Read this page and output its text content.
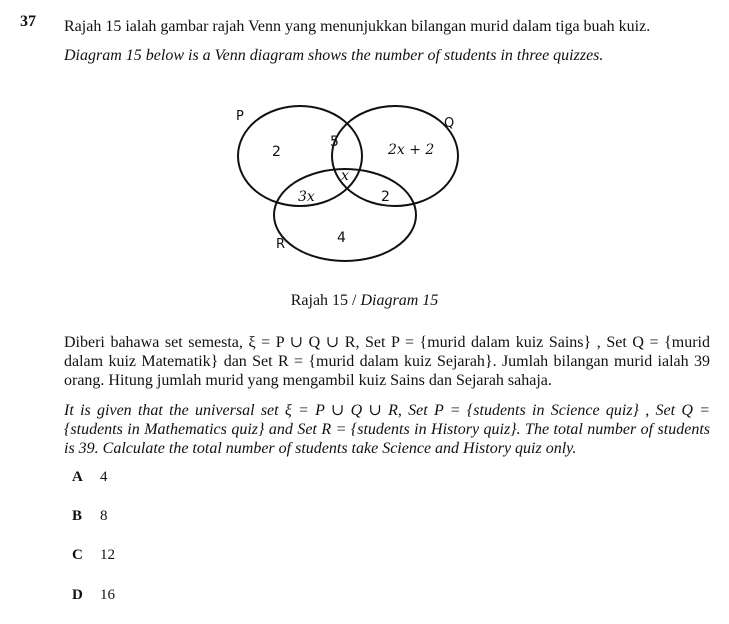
37 Rajah 15 ialah gambar rajah Venn yang menunjukkan bilangan murid dalam tiga buah kuiz.
Diagram 15 below is a Venn diagram shows the number of students in three quizzes.
P	Q
R
2
5	2x + 2
x
3x	2
4
Rajah 15 / Diagram 15
Diberi bahawa set semesta, ξ = P ∪ Q ∪ R, Set P = {murid dalam kuiz Sains} , Set Q = {murid dalam kuiz Matematik} dan Set R = {murid dalam kuiz Sejarah}. Jumlah bilangan murid ialah 39 orang. Hitung jumlah murid yang mengambil kuiz Sains dan Sejarah sahaja.
It is given that the universal set ξ = P ∪ Q ∪ R, Set P = {students in Science quiz} , Set Q = {students in Mathematics quiz} and Set R = {students in History quiz}. The total number of students is 39. Calculate the total number of students take Science and History quiz only.
A 4
B 8
C 12
D 16
